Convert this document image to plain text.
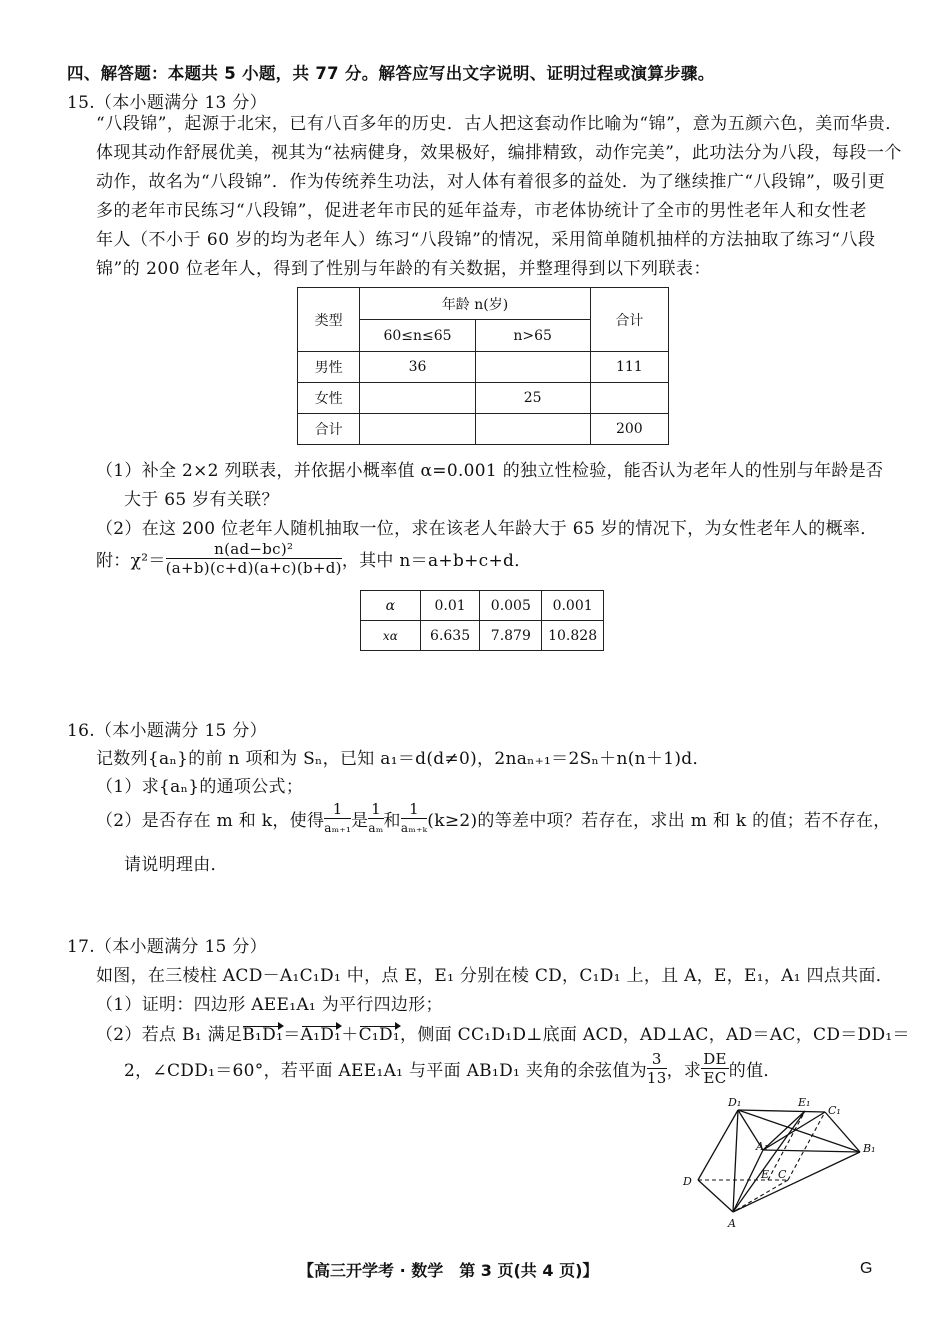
四、解答题：本题共 5 小题，共 77 分。解答应写出文字说明、证明过程或演算步骤。
15.（本小题满分 13 分）
“八段锦”，起源于北宋，已有八百多年的历史．古人把这套动作比喻为“锦”，意为五颜六色，美而华贵．
体现其动作舒展优美，视其为“祛病健身，效果极好，编排精致，动作完美”，此功法分为八段，每段一个
动作，故名为“八段锦”．作为传统养生功法，对人体有着很多的益处．为了继续推广“八段锦”，吸引更
多的老年市民练习“八段锦”，促进老年市民的延年益寿，市老体协统计了全市的男性老年人和女性老
年人（不小于 60 岁的均为老年人）练习“八段锦”的情况，采用简单随机抽样的方法抽取了练习“八段
锦”的 200 位老年人，得到了性别与年龄的有关数据，并整理得到以下列联表：
类型	年龄 n(岁)		合计
	60≤n≤65	n>65	
男性	36		111
女性		25	
合计			200
（1）补全 2×2 列联表，并依据小概率值 α=0.001 的独立性检验，能否认为老年人的性别与年龄是否
大于 65 岁有关联？
（2）在这 200 位老年人随机抽取一位，求在该老人年龄大于 65 岁的情况下，为女性老年人的概率．
附：$\chi^2= \frac{\text{n(ad−bc)²}}{(a+b)(c+d)(a+c)(b+d)}$ ，其中 n＝a+b+c+d．
α	0.01	0.005	0.001
xα	6.635	7.879	10.828
16.（本小题满分 15 分）
记数列{aₙ}的前 n 项和为 Sₙ，已知 a₁＝d(d≠0)，2naₙ₊₁＝2Sₙ＋n(n＋1)d．
（1）求{aₙ}的通项公式；
（2）是否存在 m 和 k，使得 $\frac{1}{\text{aₘ₊₁}}$ 是 $\frac{1}{\text{aₘ}}$ 和 $\frac{1}{\text{aₘ₊ₖ}} (k\ge 2)$的等差中项？若存在，求出 m 和 k 的值；若不存在，
请说明理由．
17.（本小题满分 15 分）
如图，在三棱柱 ACD－A₁C₁D₁ 中，点 E，E₁ 分别在棱 CD，C₁D₁ 上，且 A，E，E₁，A₁ 四点共面．
（1）证明：四边形 AEE₁A₁ 为平行四边形；
（2）若点 B₁ 满足B₁D₁＝A₁D₁＋C₁D₁，侧面 CC₁D₁D⊥底面 ACD，AD⊥AC，AD＝AC，CD＝DD₁＝
2，∠CDD₁＝60°，若平面 AEE₁A₁ 与平面 AB₁D₁ 夹角的余弦值为 $\frac{3}{13}$ ，求 $\frac{DE}{EC}$ 的值．
D₁	E₁
C₁
A₁	B₁
D
E C
A
【高三开学考 · 数学　第 3 页(共 4 页)】	G
